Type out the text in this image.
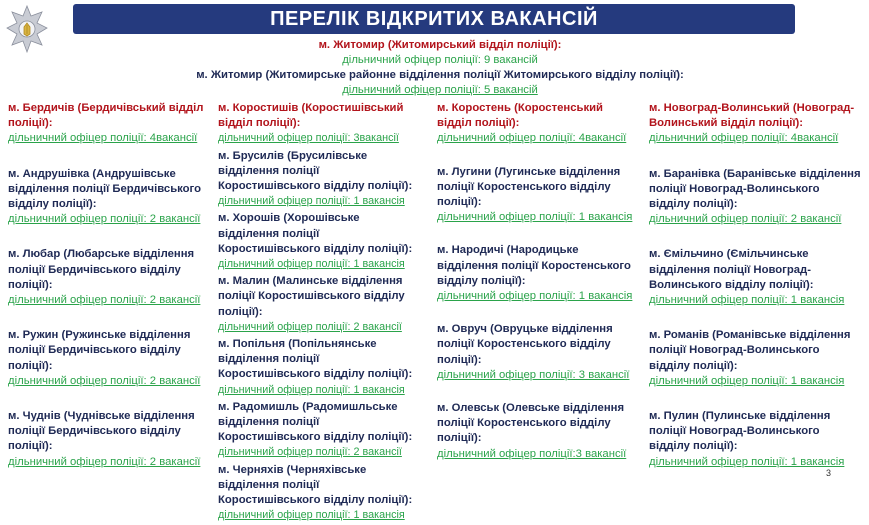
ПЕРЕЛІК ВІДКРИТИХ ВАКАНСІЙ
м. Житомир (Житомирський відділ поліції):
дільничний офіцер поліції: 9 вакансій
м. Житомир (Житомирське районне відділення поліції Житомирського відділу поліції):
дільничний офіцер поліції: 5 вакансій

м. Бердичів (Бердичівський відділ поліції):

дільничний офіцер поліції: 4вакансії

м. Андрушівка (Андрушівське відділення поліції Бердичівського відділу поліції):

дільничний офіцер поліції: 2 вакансії

м. Любар (Любарське відділення поліції Бердичівського відділу поліції):

дільничний офіцер поліції: 2 вакансії

м. Ружин (Ружинське відділення поліції Бердичівського відділу поліції):

дільничний офіцер поліції: 2 вакансії

м. Чуднів (Чуднівське відділення поліції Бердичівського відділу поліції):

дільничний офіцер поліції: 2 вакансії

м. Коростишів (Коростишівський відділ поліції):

дільничний офіцер поліції: 3вакансії

м. Брусилів (Брусилівське відділення поліції Коростишівського відділу поліції):

дільничний офіцер поліції: 1 вакансія

м. Хорошів (Хорошівське відділення поліції Коростишівського відділу поліції):

дільничний офіцер поліції: 1 вакансія

м. Малин (Малинське відділення поліції Коростишівського відділу поліції):

дільничний офіцер поліції: 2 вакансії

м. Попільня (Попільнянське відділення поліції Коростишівського відділу поліції):

дільничний офіцер поліції: 1 вакансія

м. Радомишль (Радомишльське відділення поліції Коростишівського відділу поліції):

дільничний офіцер поліції: 2 вакансії

м. Черняхів (Черняхівське відділення поліції Коростишівського відділу поліції):

дільничний офіцер поліції: 1 вакансія

м. Коростень (Коростенський відділ поліції):

дільничний офіцер поліції: 4вакансії

м. Лугини (Лугинське відділення поліції Коростенського відділу поліції):

дільничний офіцер поліції: 1 вакансія

м. Народичі (Народицьке відділення поліції Коростенського відділу поліції):

дільничний офіцер поліції: 1 вакансія

м. Овруч (Овруцьке відділення поліції Коростенського відділу поліції):

дільничний офіцер поліції: 3 вакансії

м. Олевськ (Олевське відділення поліції Коростенського відділу поліції):

дільничний офіцер поліції:3 вакансії

м. Новоград-Волинський (Новоград-Волинський відділ поліції):

дільничний офіцер поліції: 4вакансії

м. Баранівка (Баранівське відділення поліції Новоград-Волинського відділу поліції):

дільничний офіцер поліції: 2 вакансії

м. Ємільчино (Ємільчинське відділення поліції Новоград-Волинського відділу поліції):

дільничний офіцер поліції: 1 вакансія

м. Романів (Романівське відділення поліції Новоград-Волинського відділу поліції):

дільничний офіцер поліції: 1 вакансія

м. Пулин (Пулинське відділення поліції Новоград-Волинського відділу поліції):

дільничний офіцер поліції: 1 вакансія

3
